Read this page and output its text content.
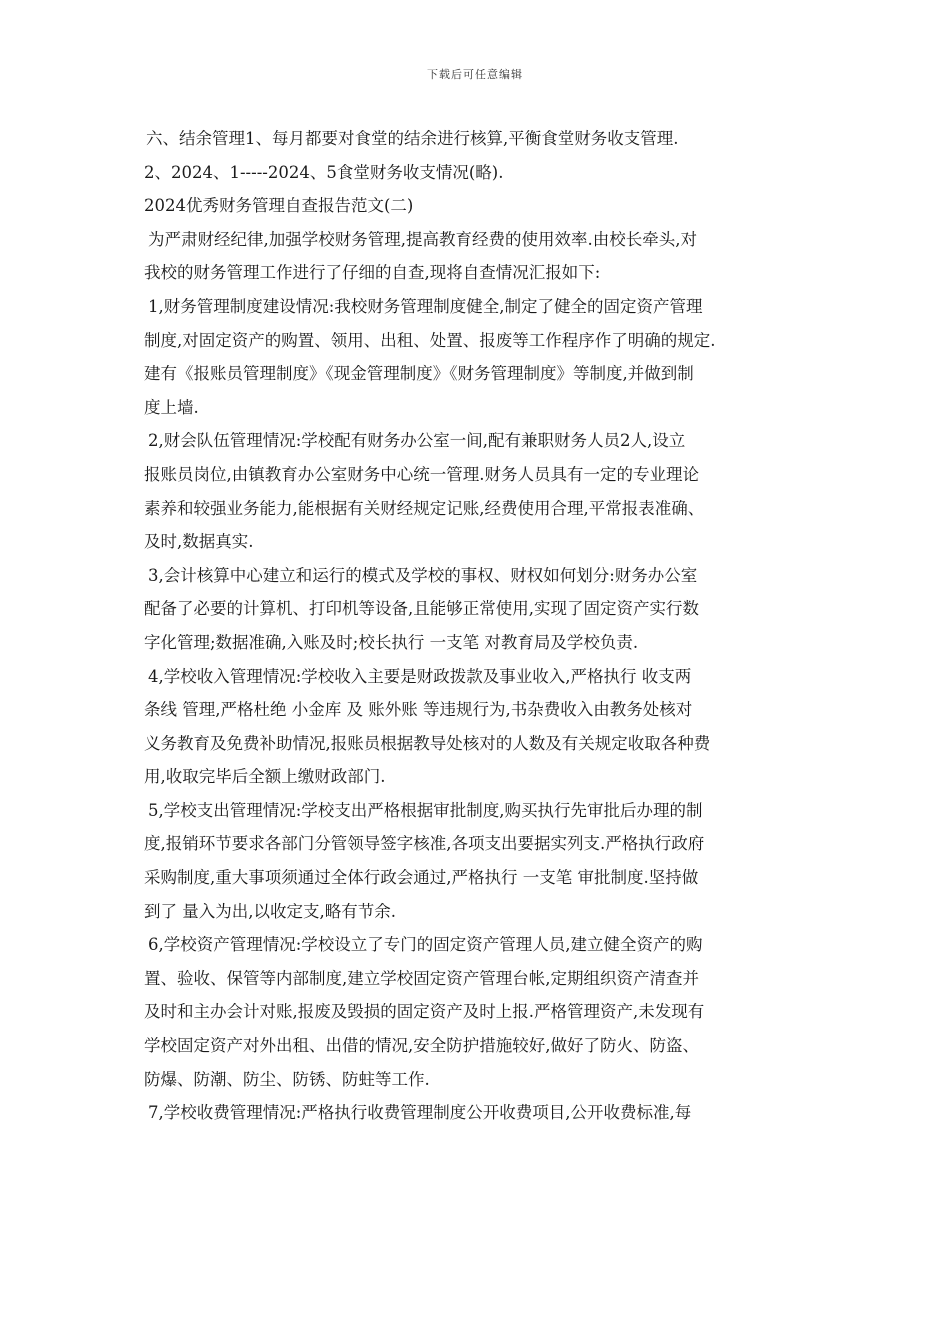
下载后可任意编辑
六、结余管理1、每月都要对食堂的结余进行核算,平衡食堂财务收支管理.
2、2024、1-----2024、5食堂财务收支情况(略).
2024优秀财务管理自查报告范文(二)
为严肃财经纪律,加强学校财务管理,提高教育经费的使用效率.由校长牵头,对
我校的财务管理工作进行了仔细的自查,现将自查情况汇报如下:
1,财务管理制度建设情况:我校财务管理制度健全,制定了健全的固定资产管理
制度,对固定资产的购置、领用、出租、处置、报废等工作程序作了明确的规定.
建有《报账员管理制度》《现金管理制度》《财务管理制度》等制度,并做到制
度上墙.
2,财会队伍管理情况:学校配有财务办公室一间,配有兼职财务人员2人,设立
报账员岗位,由镇教育办公室财务中心统一管理.财务人员具有一定的专业理论
素养和较强业务能力,能根据有关财经规定记账,经费使用合理,平常报表准确、
及时,数据真实.
3,会计核算中心建立和运行的模式及学校的事权、财权如何划分:财务办公室
配备了必要的计算机、打印机等设备,且能够正常使用,实现了固定资产实行数
字化管理;数据准确,入账及时;校长执行 一支笔 对教育局及学校负责.
4,学校收入管理情况:学校收入主要是财政拨款及事业收入,严格执行 收支两
条线 管理,严格杜绝 小金库 及 账外账 等违规行为,书杂费收入由教务处核对
义务教育及免费补助情况,报账员根据教导处核对的人数及有关规定收取各种费
用,收取完毕后全额上缴财政部门.
5,学校支出管理情况:学校支出严格根据审批制度,购买执行先审批后办理的制
度,报销环节要求各部门分管领导签字核准,各项支出要据实列支.严格执行政府
采购制度,重大事项须通过全体行政会通过,严格执行 一支笔 审批制度.坚持做
到了 量入为出,以收定支,略有节余.
6,学校资产管理情况:学校设立了专门的固定资产管理人员,建立健全资产的购
置、验收、保管等内部制度,建立学校固定资产管理台帐,定期组织资产清查并
及时和主办会计对账,报废及毁损的固定资产及时上报.严格管理资产,未发现有
学校固定资产对外出租、出借的情况,安全防护措施较好,做好了防火、防盗、
防爆、防潮、防尘、防锈、防蛀等工作.
7,学校收费管理情况:严格执行收费管理制度公开收费项目,公开收费标准,每
